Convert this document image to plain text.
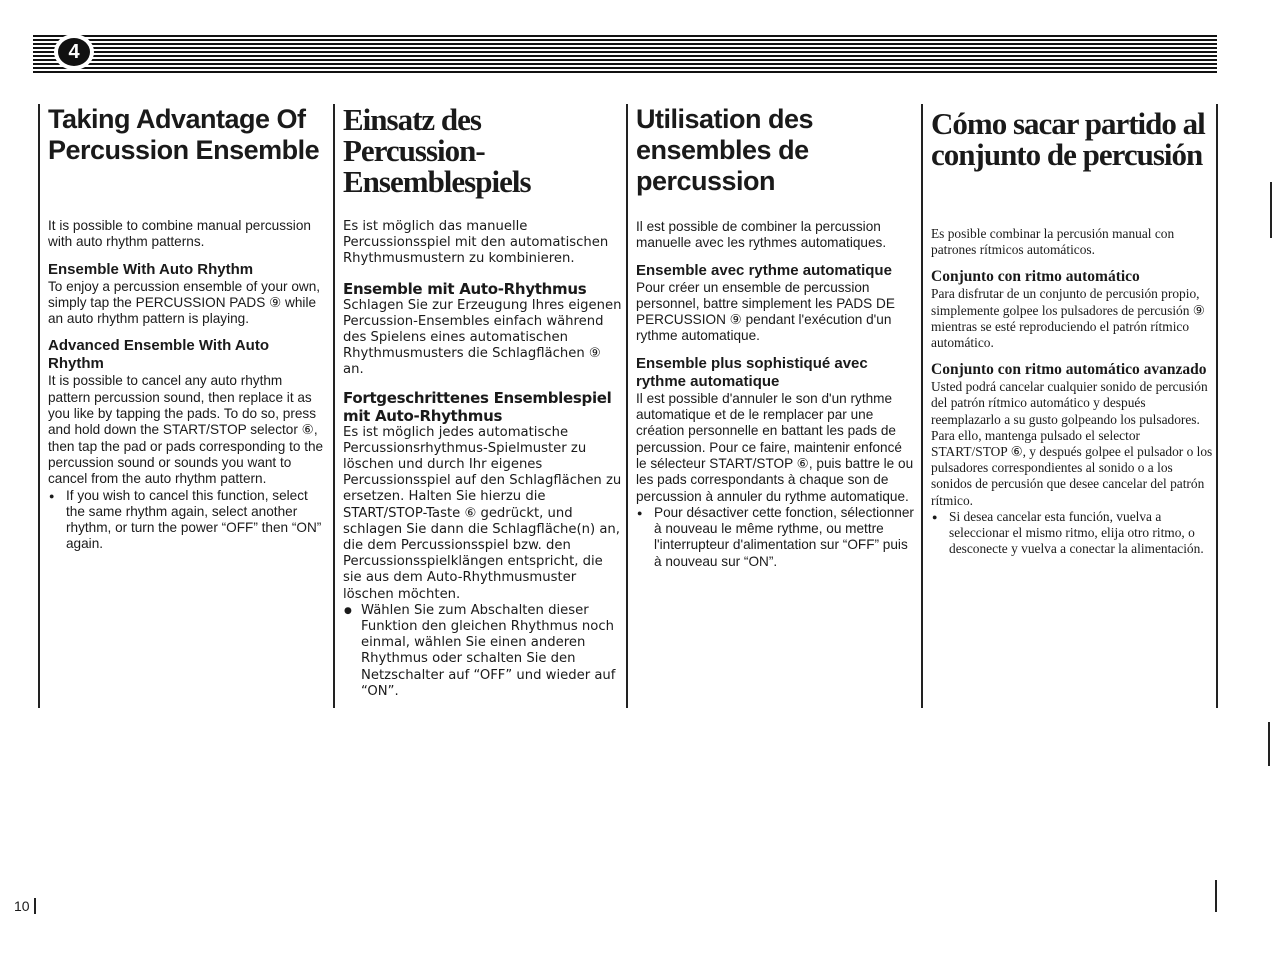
4
Taking Advantage Of Percussion Ensemble

It is possible to combine manual percussion with auto rhythm patterns.

Ensemble With Auto Rhythm

To enjoy a percussion ensemble of your own, simply tap the PERCUSSION PADS ⑨ while an auto rhythm pattern is playing.

Advanced Ensemble With Auto Rhythm

It is possible to cancel any auto rhythm pattern percussion sound, then replace it as you like by tapping the pads. To do so, press and hold down the START/STOP selector ⑥, then tap the pad or pads corresponding to the percussion sound or sounds you want to cancel from the auto rhythm pattern.

● If you wish to cancel this function, select the same rhythm again, select another rhythm, or turn the power “OFF” then “ON” again.
Einsatz des Percussion-Ensemblespiels

Es ist möglich das manuelle Percussionsspiel mit den automatischen Rhythmusmustern zu kombinieren.

Ensemble mit Auto-Rhythmus

Schlagen Sie zur Erzeugung Ihres eigenen Percussion-Ensembles einfach während des Spielens eines automatischen Rhythmusmusters die Schlagflächen ⑨ an.

Fortgeschrittenes Ensemblespiel mit Auto-Rhythmus

Es ist möglich jedes automatische Percussionsrhythmus-Spielmuster zu löschen und durch Ihr eigenes Percussionsspiel auf den Schlagflächen zu ersetzen. Halten Sie hierzu die START/STOP-Taste ⑥ gedrückt, und schlagen Sie dann die Schlagfläche(n) an, die dem Percussionsspiel bzw. den Percussionsspielklängen entspricht, die sie aus dem Auto-Rhythmusmuster löschen möchten.

● Wählen Sie zum Abschalten dieser Funktion den gleichen Rhythmus noch einmal, wählen Sie einen anderen Rhythmus oder schalten Sie den Netzschalter auf “OFF” und wieder auf “ON”.
Utilisation des ensembles de percussion

Il est possible de combiner la percussion manuelle avec les rythmes automatiques.

Ensemble avec rythme automatique

Pour créer un ensemble de percussion personnel, battre simplement les PADS DE PERCUSSION ⑨ pendant l'exécution d'un rythme automatique.

Ensemble plus sophistiqué avec rythme automatique

Il est possible d'annuler le son d'un rythme automatique et de le remplacer par une création personnelle en battant les pads de percussion. Pour ce faire, maintenir enfoncé le sélecteur START/STOP ⑥, puis battre le ou les pads correspondants à chaque son de percussion à annuler du rythme automatique.

● Pour désactiver cette fonction, sélectionner à nouveau le même rythme, ou mettre l'interrupteur d'alimentation sur “OFF” puis à nouveau sur “ON”.
Cómo sacar partido al conjunto de percusión

Es posible combinar la percusión manual con patrones rítmicos automáticos.

Conjunto con ritmo automático

Para disfrutar de un conjunto de percusión propio, simplemente golpee los pulsadores de percusión ⑨ mientras se esté reproduciendo el patrón rítmico automático.

Conjunto con ritmo automático avanzado

Usted podrá cancelar cualquier sonido de percusión del patrón rítmico automático y después reemplazarlo a su gusto golpeando los pulsadores. Para ello, mantenga pulsado el selector START/STOP ⑥, y después golpee el pulsador o los pulsadores correspondientes al sonido o a los sonidos de percusión que desee cancelar del patrón rítmico.

● Si desea cancelar esta función, vuelva a seleccionar el mismo ritmo, elija otro ritmo, o desconecte y vuelva a conectar la alimentación.
10
